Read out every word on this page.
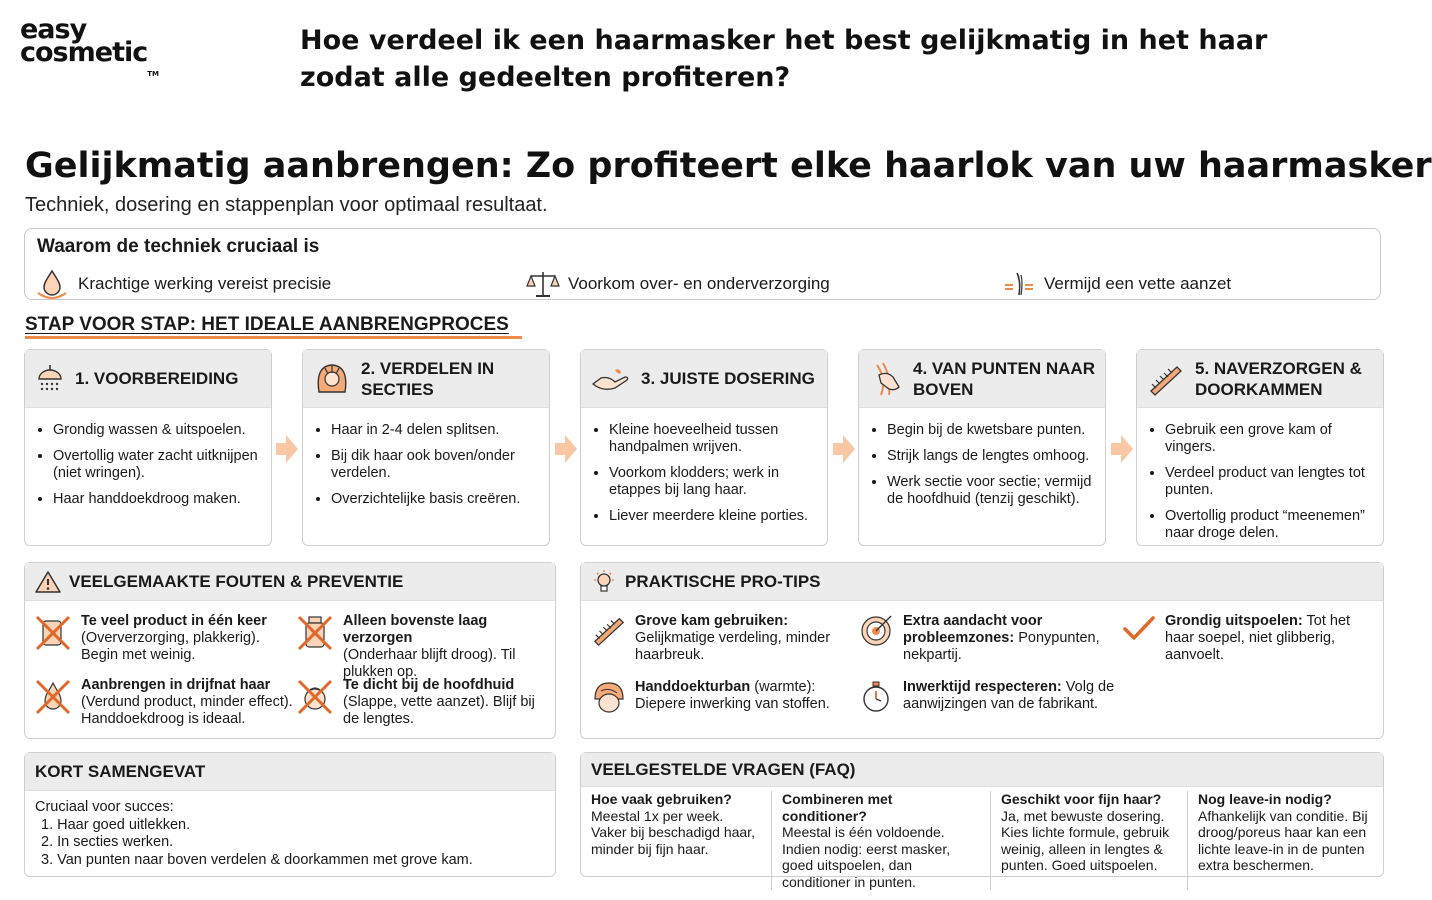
easy
cosmetic™
Hoe verdeel ik een haarmasker het best gelijkmatig in het haar zodat alle gedeelten profiteren?
Gelijkmatig aanbrengen: Zo profiteert elke haarlok van uw haarmasker
Techniek, dosering en stappenplan voor optimaal resultaat.
Waarom de techniek cruciaal is
Krachtige werking vereist precisie	Voorkom over- en onderverzorging	Vermijd een vette aanzet
STAP VOOR STAP: HET IDEALE AANBRENGPROCES
1. VOORBEREIDING
• Grondig wassen & uitspoelen.
• Overtollig water zacht uitknijpen (niet wringen).
• Haar handdoekdroog maken.
2. VERDELEN IN SECTIES
• Haar in 2-4 delen splitsen.
• Bij dik haar ook boven/onder verdelen.
• Overzichtelijke basis creëren.
3. JUISTE DOSERING
• Kleine hoeveelheid tussen handpalmen wrijven.
• Voorkom klodders; werk in etappes bij lang haar.
• Liever meerdere kleine porties.
4. VAN PUNTEN NAAR BOVEN
• Begin bij de kwetsbare punten.
• Strijk langs de lengtes omhoog.
• Werk sectie voor sectie; vermijd de hoofdhuid (tenzij geschikt).
5. NAVERZORGEN & DOORKAMMEN
• Gebruik een grove kam of vingers.
• Verdeel product van lengtes tot punten.
• Overtollig product “meenemen” naar droge delen.
VEELGEMAAKTE FOUTEN & PREVENTIE
Te veel product in één keer
(Oververzorging, plakkerig). Begin met weinig.
Alleen bovenste laag verzorgen
(Onderhaar blijft droog). Til plukken op.
Aanbrengen in drijfnat haar
(Verdund product, minder effect). Handdoekdroog is ideaal.
Te dicht bij de hoofdhuid
(Slappe, vette aanzet). Blijf bij de lengtes.
PRAKTISCHE PRO-TIPS
Grove kam gebruiken:
Gelijkmatige verdeling, minder haarbreuk.
Extra aandacht voor probleemzones: Ponypunten, nekpartij.
Grondig uitspoelen: Tot het haar soepel, niet glibberig, aanvoelt.
Handdoekturban (warmte): Diepere inwerking van stoffen.
Inwerktijd respecteren: Volg de aanwijzingen van de fabrikant.
KORT SAMENGEVAT
Cruciaal voor succes:
1. Haar goed uitlekken.
2. In secties werken.
3. Van punten naar boven verdelen & doorkammen met grove kam.
VEELGESTELDE VRAGEN (FAQ)
Hoe vaak gebruiken?
Meestal 1x per week. Vaker bij beschadigd haar, minder bij fijn haar.
Combineren met conditioner?
Meestal is één voldoende. Indien nodig: eerst masker, goed uitspoelen, dan conditioner in punten.
Geschikt voor fijn haar?
Ja, met bewuste dosering. Kies lichte formule, gebruik weinig, alleen in lengtes & punten. Goed uitspoelen.
Nog leave-in nodig?
Afhankelijk van conditie. Bij droog/poreus haar kan een lichte leave-in in de punten extra beschermen.
